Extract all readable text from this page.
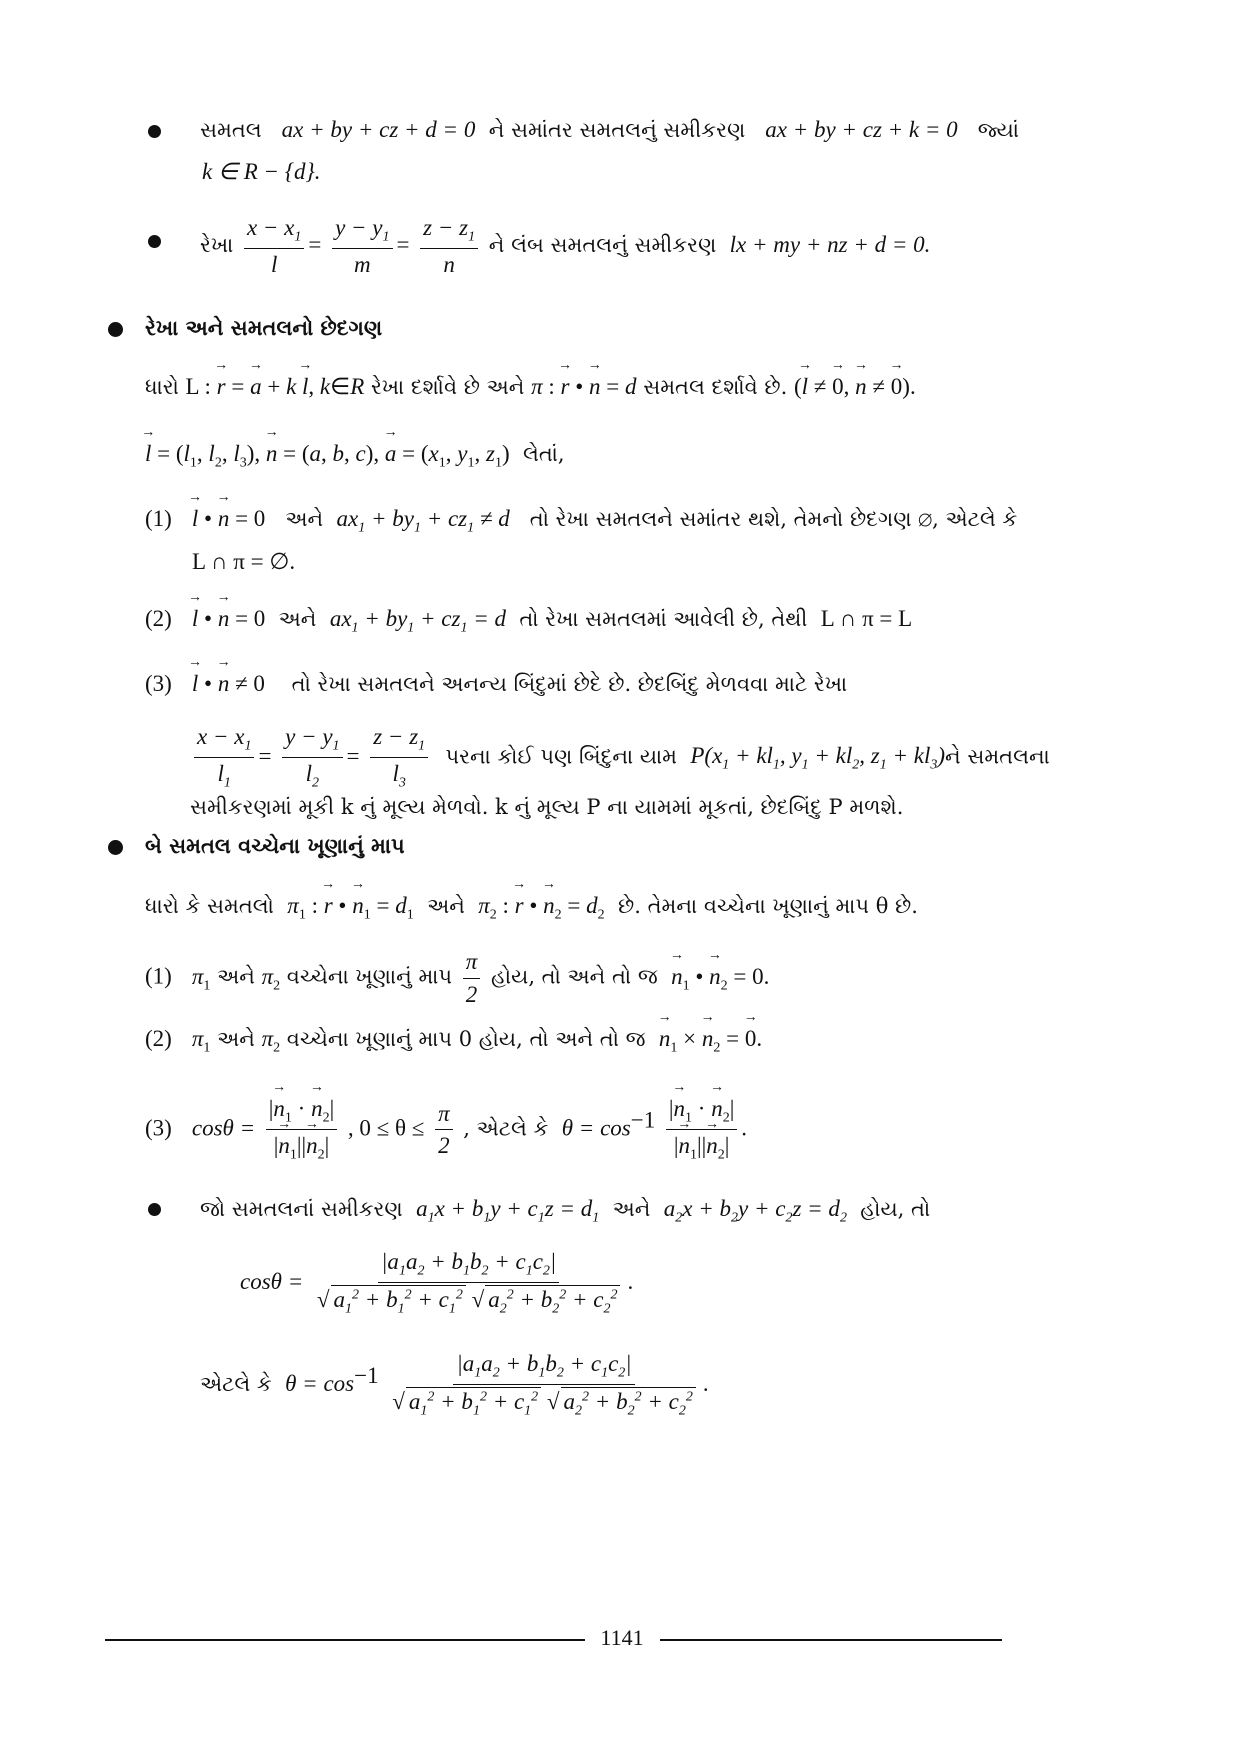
સમતલ ax + by + cz + d = 0 ને સમાંતર સમતલનું સમીકરણ ax + by + cz + k = 0 જ્યાં
k ∈ R − {d}.
રેખા $\frac{x - x_1}{l} = \frac{y - y_1}{m} = \frac{z - z_1}{n}$ ને લંબ સમતલનું સમીકરણ lx + my + nz + d = 0.
રેખા અને સમતલનો છેદગણ
ધારો L : r → = a → + k l →, k∈R રેખા દર્શાવે છે અને π : r → • n → = d સમતલ દર્શાવે છે. (l → ≠ 0 →, n → ≠ 0 →).
l → = ($l_1$, $l_2$, $l_3$), n → = (a, b, c), a → = ($x_1$, $y_1$, $z_1$) લેતાં,
(1) l → • n → = 0 અને $ax_1 + by_1 + cz_1 \ne d$ તો રેખા સમતલને સમાંતર થશે, તેમનો છેદગણ ∅, એટલે કે
L ∩ π = ∅.
(2) l → • n → = 0 અને $ax_1 + by_1 + cz_1 = d$ તો રેખા સમતલમાં આવેલી છે, તેથી L ∩ π = L
(3) l → • n → ≠ 0 તો રેખા સમતલને અનન્ય બિંદુમાં છેદે છે. છેદબિંદુ મેળવવા માટે રેખા
$\frac{x - x_1}{l_1} = \frac{y - y_1}{l_2} = \frac{z - z_1}{l_3}$ પરના કોઈ પણ બિંદુના યામ $P(x_1 + kl_1$, $y_1 + kl_2$, $z_1$ + $kl_3)ને$ સમતલના
સમીકરણમાં મૂકી k નું મૂલ્ય મેળવો. k નું મૂલ્ય P ના યામમાં મૂકતાં, છેદબિંદુ P મળશે.
બે સમતલ વચ્ચેના ખૂણાનું માપ
ધારો કે સમતલો $\pi_1$ : r → • $n \to_1 = d_1$ અને $\pi_2$ : r → • $n \to_2 = d_2$ છે. તેમના વચ્ચેના ખૂણાનું માપ θ છે.
(1) $\pi_1$ અને $\pi_2$ વચ્ચેના ખૂણાનું માપ $\frac{\pi}{2}$ હોય, તો અને તો જ $n \to_1$ • $n \to_2 = 0$.
(2) $\pi_1$ અને $\pi_2$ વચ્ચેના ખૂણાનું માપ 0 હોય, તો અને તો જ $n \to_1 \times n \to_2 = 0$ →.
(3) $\cos\theta = \frac{|n \to_1 \cdot n \to_2|}{|n \to_1||n \to_2|}$ , $0 \le \theta \le \frac{\pi}{2}$ , એટલે કે $\theta = \cos^{-1} \frac{|n \to_1 \cdot n \to_2|}{|n \to_1||n \to_2|}$ .
જો સમતલનાં સમીકરણ $a_1x + b_1y + c_1z = d_1$ અને $a_2x + b_2y + c_2z = d_2$ હોય, તો
$\cos\theta = \frac{|a_1a_2 + b_1b_2 + c_1c_2|}{√ a_1^2 + b_1^2 + c_1^2 √ a_2^2 + b_2^2 + c_2^2}$ .
એટલે કે $\theta = \cos^{-1} \frac{|a_1a_2 + b_1b_2 + c_1c_2|}{√ a_1^2 + b_1^2 + c_1^2 √ a_2^2 + b_2^2 + c_2^2}$ .
1141
